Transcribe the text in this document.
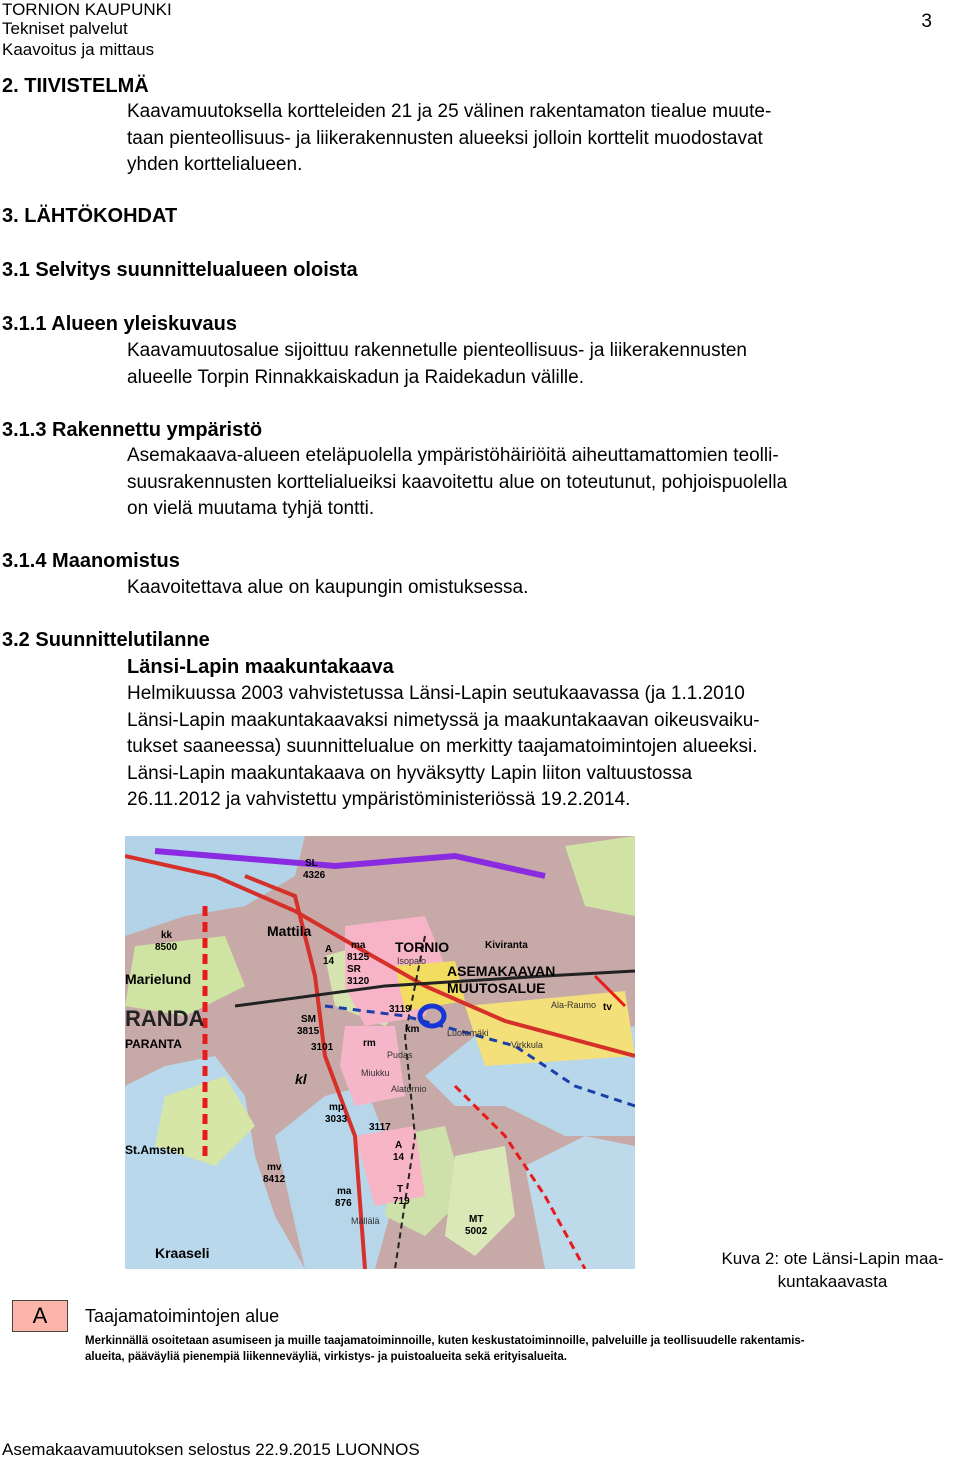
TORNION KAUPUNKI
Tekniset palvelut
Kaavoitus ja mittaus
3
2. TIIVISTELMÄ
Kaavamuutoksella kortteleiden 21 ja 25 välinen rakentamaton tiealue muute-
taan pienteollisuus- ja liikerakennusten alueeksi jolloin korttelit muodostavat
yhden korttelialueen.
3. LÄHTÖKOHDAT
3.1 Selvitys suunnittelualueen oloista
3.1.1 Alueen yleiskuvaus
Kaavamuutosalue sijoittuu rakennetulle pienteollisuus- ja liikerakennusten
alueelle Torpin Rinnakkaiskadun ja Raidekadun välille.
3.1.3 Rakennettu ympäristö
Asemakaava-alueen eteläpuolella ympäristöhäiriöitä aiheuttamattomien teolli-
suusrakennusten korttelialueiksi kaavoitettu alue on toteutunut, pohjoispuolella
on vielä muutama tyhjä tontti.
3.1.4 Maanomistus
Kaavoitettava alue on kaupungin omistuksessa.
3.2 Suunnittelutilanne
Länsi-Lapin maakuntakaava
Helmikuussa 2003 vahvistetussa Länsi-Lapin seutukaavassa (ja 1.1.2010
Länsi-Lapin maakuntakaavaksi nimetyssä ja maakuntakaavan oikeusvaiku-
tukset saaneessa) suunnittelualue on merkitty taajamatoimintojen alueeksi.
Länsi-Lapin maakuntakaava on hyväksytty Lapin liiton valtuustossa
26.11.2012 ja vahvistettu ympäristöministeriössä 19.2.2014.
SL
4326
kk
8500	Kiviranta
A
14
ma
8125
SR
3120
3119
SM
3815
3101
km
rm
mp
3033
3117
A
14
mv
8412
ma
876
T
719
MT
5002
tv
kl
Mattila
Marielund
TORNIO
ASEMAKAAVAN
MUUTOSALUE
Kraaseli
RANDA
PARANTA
St.Amsten
Isopalo
Ala-Raumo
Pudas
Luotomäki
Miukku
Alatornio
Virkkula
Mällälä
Kuva 2: ote Länsi-Lapin maa-
kuntakaavasta
A	Taajamatoimintojen alue
Merkinnällä osoitetaan asumiseen ja muille taajamatoiminnoille, kuten keskustatoiminnoille, palveluille ja teollisuudelle rakentamis-
alueita, pääväyliä pienempiä liikenneväyliä, virkistys- ja puistoalueita sekä erityisalueita.
Asemakaavamuutoksen selostus 22.9.2015 LUONNOS
